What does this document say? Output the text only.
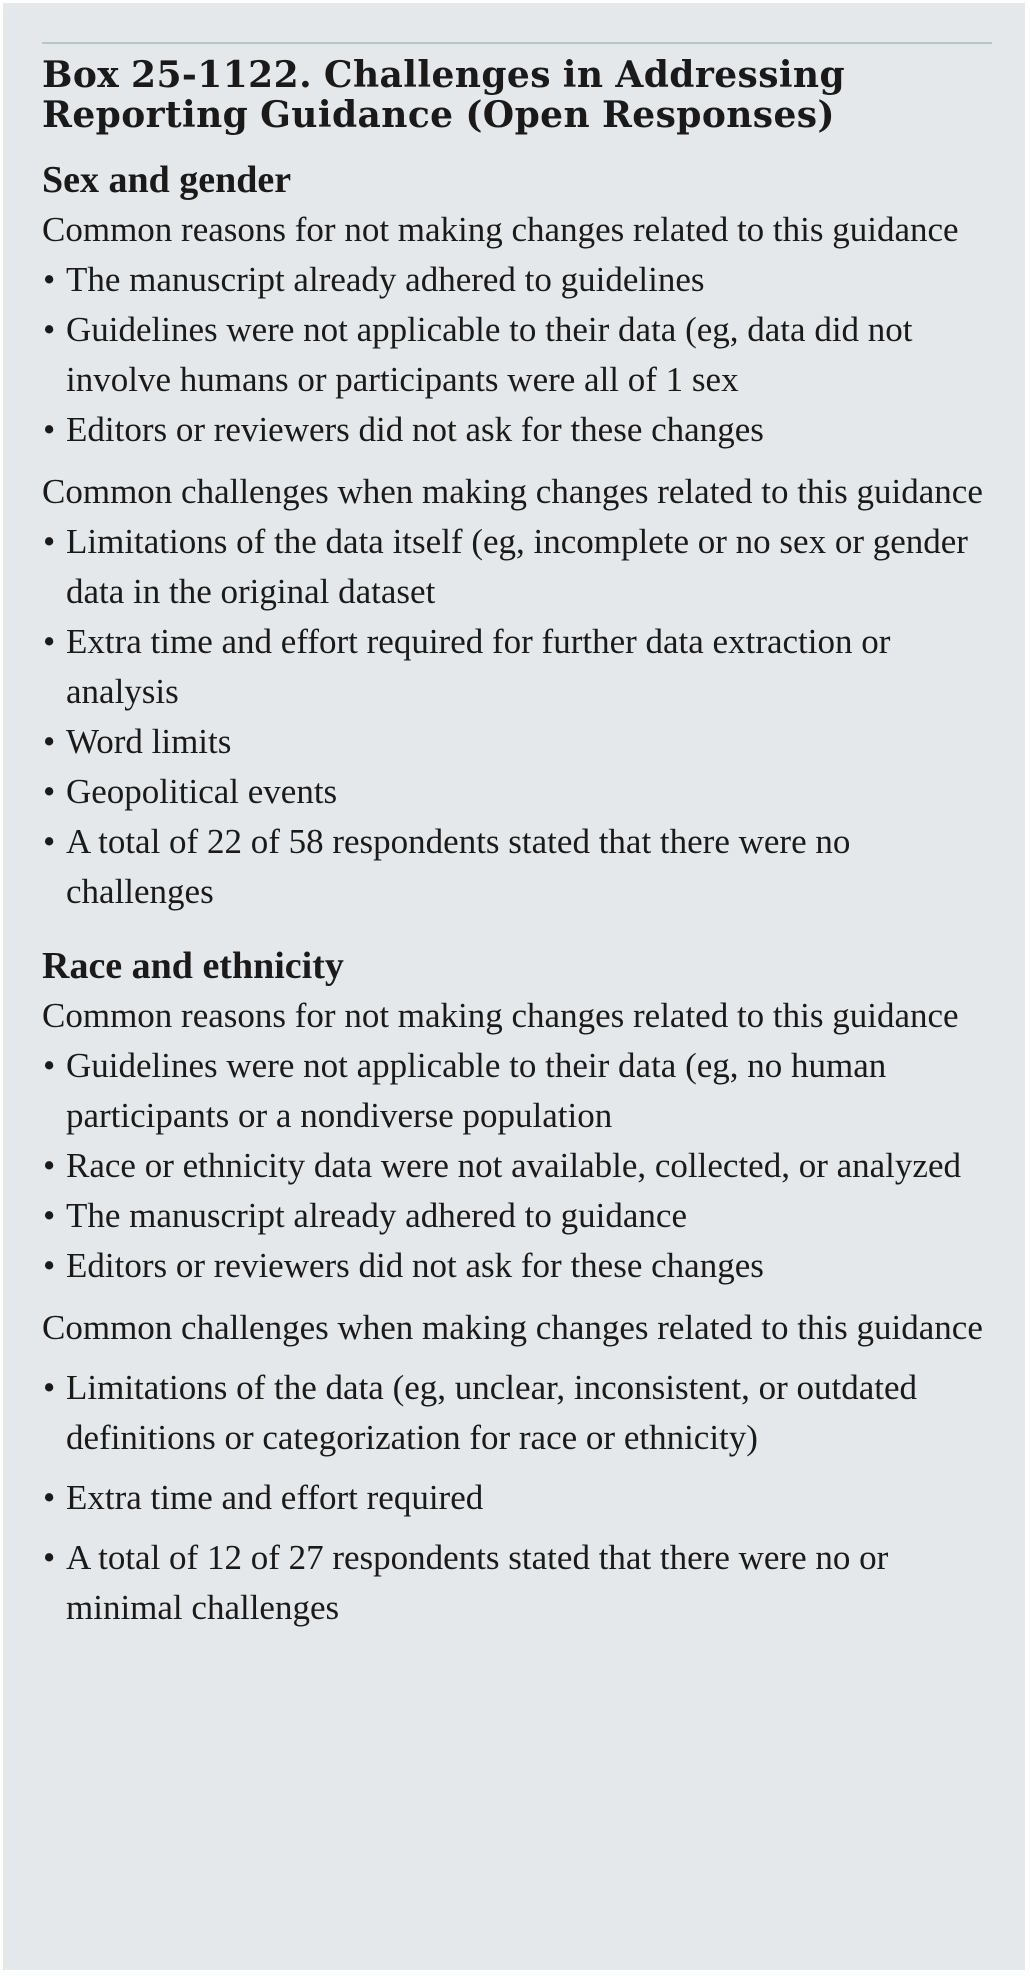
Box 25-1122. Challenges in Addressing
Reporting Guidance (Open Responses)
Sex and gender

Common reasons for not making changes related to this guidance

• The manuscript already adhered to guidelines
• Guidelines were not applicable to their data (eg, data did not involve humans or participants were all of 1 sex
• Editors or reviewers did not ask for these changes

Common challenges when making changes related to this guidance

• Limitations of the data itself (eg, incomplete or no sex or gender data in the original dataset
• Extra time and effort required for further data extraction or analysis
• Word limits
• Geopolitical events
• A total of 22 of 58 respondents stated that there were no challenges
Race and ethnicity

Common reasons for not making changes related to this guidance

• Guidelines were not applicable to their data (eg, no human participants or a nondiverse population
• Race or ethnicity data were not available, collected, or analyzed
• The manuscript already adhered to guidance
• Editors or reviewers did not ask for these changes

Common challenges when making changes related to this guidance

• Limitations of the data (eg, unclear, inconsistent, or outdated definitions or categorization for race or ethnicity)
• Extra time and effort required
• A total of 12 of 27 respondents stated that there were no or minimal challenges
